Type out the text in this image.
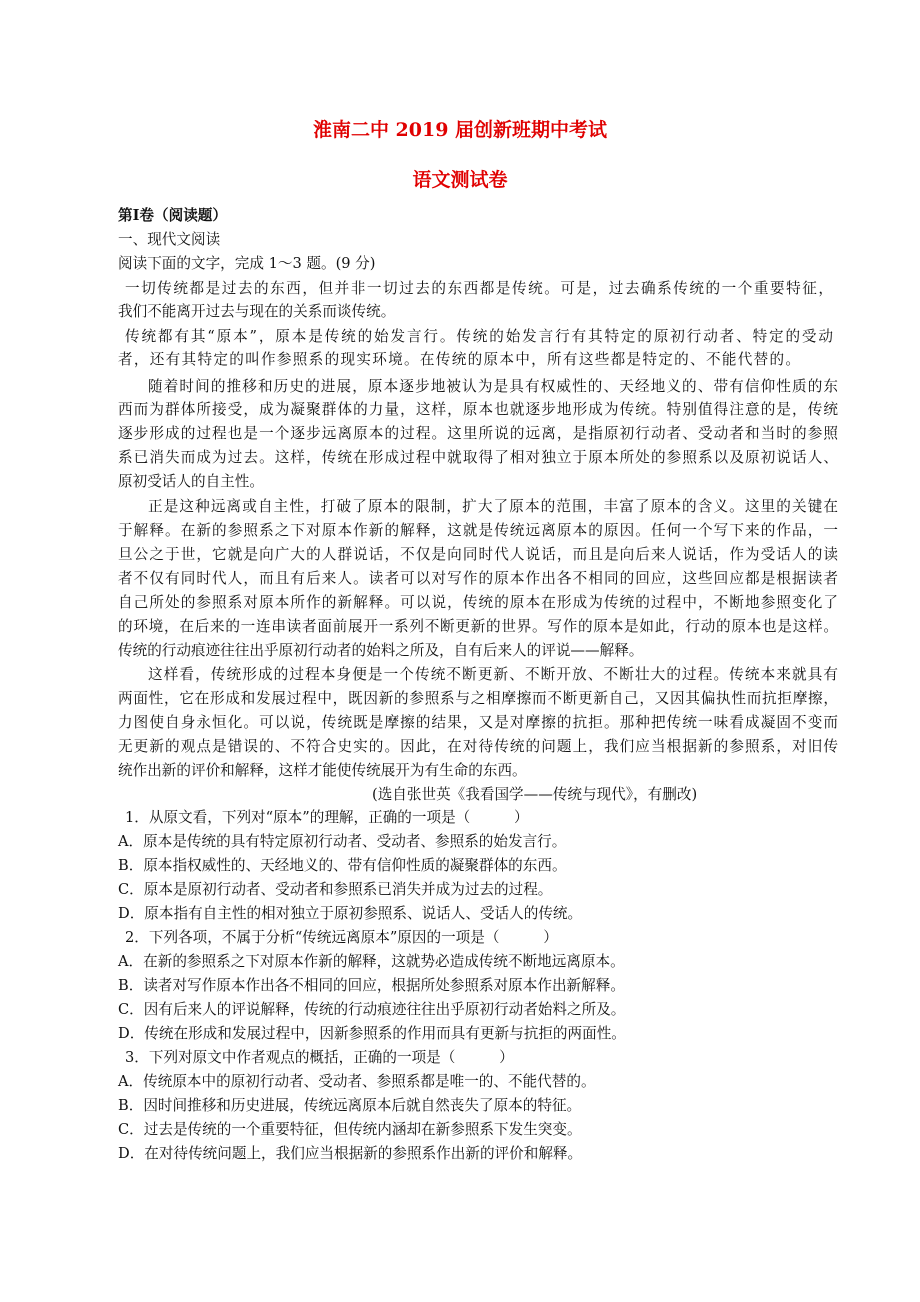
淮南二中 2019 届创新班期中考试
语文测试卷
第Ⅰ卷（阅读题）
一、现代文阅读
阅读下面的文字，完成 1～3 题。(9 分)
一切传统都是过去的东西，但并非一切过去的东西都是传统。可是，过去确系传统的一个重要特征，
我们不能离开过去与现在的关系而谈传统。
传统都有其“原本”，原本是传统的始发言行。传统的始发言行有其特定的原初行动者、特定的受动
者，还有其特定的叫作参照系的现实环境。在传统的原本中，所有这些都是特定的、不能代替的。
随着时间的推移和历史的进展，原本逐步地被认为是具有权威性的、天经地义的、带有信仰性质的东
西而为群体所接受，成为凝聚群体的力量，这样，原本也就逐步地形成为传统。特别值得注意的是，传统
逐步形成的过程也是一个逐步远离原本的过程。这里所说的远离，是指原初行动者、受动者和当时的参照
系已消失而成为过去。这样，传统在形成过程中就取得了相对独立于原本所处的参照系以及原初说话人、
原初受话人的自主性。
正是这种远离或自主性，打破了原本的限制，扩大了原本的范围，丰富了原本的含义。这里的关键在
于解释。在新的参照系之下对原本作新的解释，这就是传统远离原本的原因。任何一个写下来的作品，一
旦公之于世，它就是向广大的人群说话，不仅是向同时代人说话，而且是向后来人说话，作为受话人的读
者不仅有同时代人，而且有后来人。读者可以对写作的原本作出各不相同的回应，这些回应都是根据读者
自己所处的参照系对原本所作的新解释。可以说，传统的原本在形成为传统的过程中，不断地参照变化了
的环境，在后来的一连串读者面前展开一系列不断更新的世界。写作的原本是如此，行动的原本也是这样。
传统的行动痕迹往往出乎原初行动者的始料之所及，自有后来人的评说——解释。
这样看，传统形成的过程本身便是一个传统不断更新、不断开放、不断壮大的过程。传统本来就具有
两面性，它在形成和发展过程中，既因新的参照系与之相摩擦而不断更新自己，又因其偏执性而抗拒摩擦，
力图使自身永恒化。可以说，传统既是摩擦的结果，又是对摩擦的抗拒。那种把传统一味看成凝固不变而
无更新的观点是错误的、不符合史实的。因此，在对待传统的问题上，我们应当根据新的参照系，对旧传
统作出新的评价和解释，这样才能使传统展开为有生命的东西。
(选自张世英《我看国学——传统与现代》，有删改)
1．从原文看，下列对“原本”的理解，正确的一项是（　　　）
A．原本是传统的具有特定原初行动者、受动者、参照系的始发言行。
B．原本指权威性的、天经地义的、带有信仰性质的凝聚群体的东西。
C．原本是原初行动者、受动者和参照系已消失并成为过去的过程。
D．原本指有自主性的相对独立于原初参照系、说话人、受话人的传统。
2．下列各项，不属于分析“传统远离原本”原因的一项是（　　　）
A．在新的参照系之下对原本作新的解释，这就势必造成传统不断地远离原本。
B．读者对写作原本作出各不相同的回应，根据所处参照系对原本作出新解释。
C．因有后来人的评说解释，传统的行动痕迹往往出乎原初行动者始料之所及。
D．传统在形成和发展过程中，因新参照系的作用而具有更新与抗拒的两面性。
3．下列对原文中作者观点的概括，正确的一项是（　　　）
A．传统原本中的原初行动者、受动者、参照系都是唯一的、不能代替的。
B．因时间推移和历史进展，传统远离原本后就自然丧失了原本的特征。
C．过去是传统的一个重要特征，但传统内涵却在新参照系下发生突变。
D．在对待传统问题上，我们应当根据新的参照系作出新的评价和解释。
